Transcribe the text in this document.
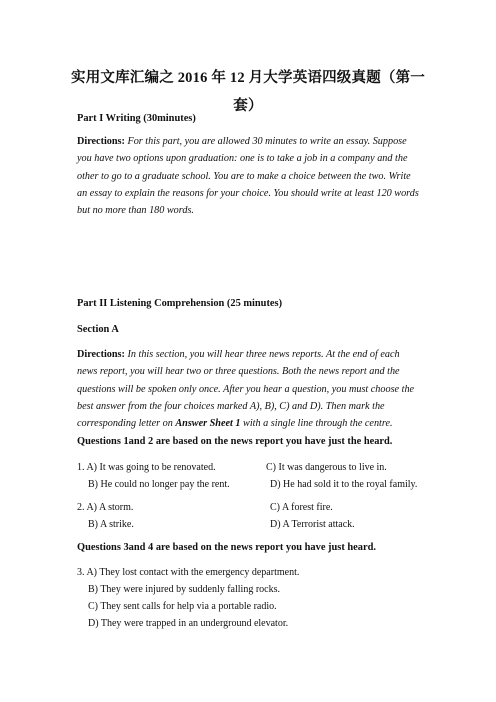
实用文库汇编之 2016 年 12 月大学英语四级真题（第一
套）
Part I Writing (30minutes)
Directions: For this part, you are allowed 30 minutes to write an essay. Suppose you have two options upon graduation: one is to take a job in a company and the other to go to a graduate school. You are to make a choice between the two. Write an essay to explain the reasons for your choice. You should write at least 120 words but no more than 180 words.
Part II Listening Comprehension (25 minutes)
Section A
Directions: In this section, you will hear three news reports. At the end of each news report, you will hear two or three questions. Both the news report and the questions will be spoken only once. After you hear a question, you must choose the best answer from the four choices marked A), B), C) and D). Then mark the corresponding letter on Answer Sheet 1 with a single line through the centre.
Questions 1and 2 are based on the news report you have just the heard.
1. A) It was going to be renovated.	C) It was dangerous to live in.
B) He could no longer pay the rent.	D) He had sold it to the royal family.
2. A) A storm.	C) A forest fire.
B) A strike.	D) A Terrorist attack.
Questions 3and 4 are based on the news report you have just heard.
3. A) They lost contact with the emergency department.
B) They were injured by suddenly falling rocks.
C) They sent calls for help via a portable radio.
D) They were trapped in an underground elevator.
